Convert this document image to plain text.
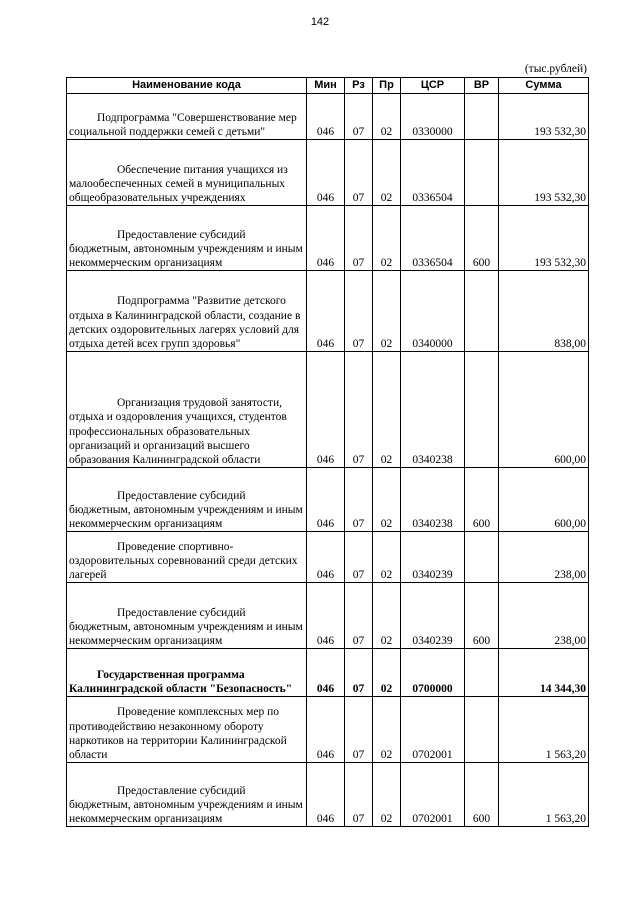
142
(тыс.рублей)
Наименование кода	Мин	Рз	Пр	ЦСР	ВР	Сумма
Подпрограмма "Совершенствование мер социальной поддержки семей с детьми"	046	07	02	0330000		193 532,30
Обеспечение питания учащихся из малообеспеченных семей в муниципальных общеобразовательных учреждениях	046	07	02	0336504		193 532,30
Предоставление субсидий бюджетным, автономным учреждениям и иным некоммерческим организациям	046	07	02	0336504	600	193 532,30
Подпрограмма "Развитие детского отдыха в Калининградской области, создание в детских оздоровительных лагерях условий для отдыха детей всех групп здоровья"	046	07	02	0340000		838,00
Организация трудовой занятости, отдыха и оздоровления учащихся, студентов профессиональных образовательных организаций и организаций высшего образования Калининградской области	046	07	02	0340238		600,00
Предоставление субсидий бюджетным, автономным учреждениям и иным некоммерческим организациям	046	07	02	0340238	600	600,00
Проведение спортивно-оздоровительных соревнований среди детских лагерей	046	07	02	0340239		238,00
Предоставление субсидий бюджетным, автономным учреждениям и иным некоммерческим организациям	046	07	02	0340239	600	238,00
Государственная программа Калининградской области "Безопасность"	046	07	02	0700000		14 344,30
Проведение комплексных мер по противодействию незаконному обороту наркотиков на территории Калининградской области	046	07	02	0702001		1 563,20
Предоставление субсидий бюджетным, автономным учреждениям и иным некоммерческим организациям	046	07	02	0702001	600	1 563,20
